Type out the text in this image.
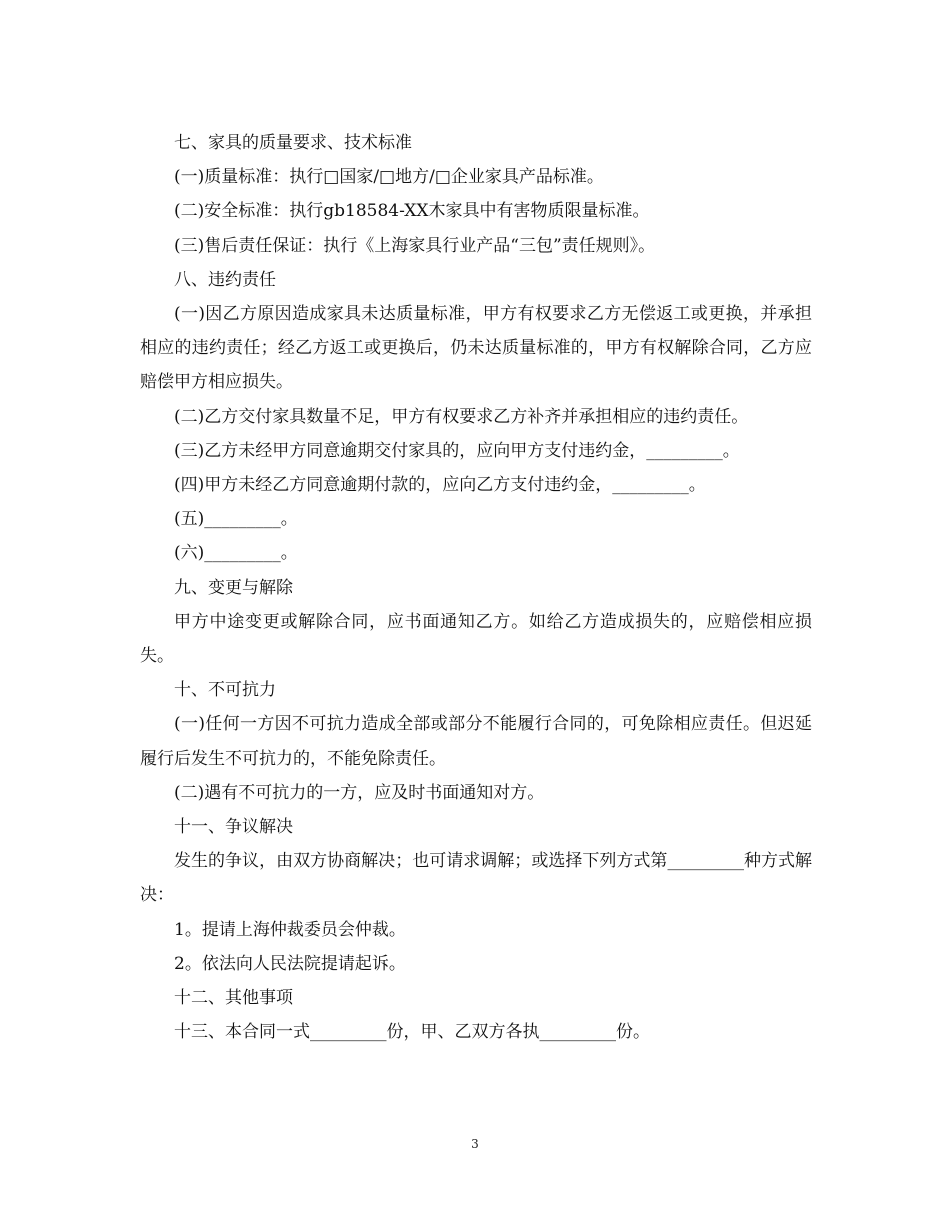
七、家具的质量要求、技术标准

(一)质量标准：执行□国家/□地方/□企业家具产品标准。

(二)安全标准：执行gb18584-XX木家具中有害物质限量标准。

(三)售后责任保证：执行《上海家具行业产品“三包”责任规则》。

八、违约责任

(一)因乙方原因造成家具未达质量标准，甲方有权要求乙方无偿返工或更换，并承担相应的违约责任；经乙方返工或更换后，仍未达质量标准的，甲方有权解除合同，乙方应赔偿甲方相应损失。

(二)乙方交付家具数量不足，甲方有权要求乙方补齐并承担相应的违约责任。

(三)乙方未经甲方同意逾期交付家具的，应向甲方支付违约金，_________。

(四)甲方未经乙方同意逾期付款的，应向乙方支付违约金，_________。

(五)_________。

(六)_________。

九、变更与解除

甲方中途变更或解除合同，应书面通知乙方。如给乙方造成损失的，应赔偿相应损失。

十、不可抗力

(一)任何一方因不可抗力造成全部或部分不能履行合同的，可免除相应责任。但迟延履行后发生不可抗力的，不能免除责任。

(二)遇有不可抗力的一方，应及时书面通知对方。

十一、争议解决

发生的争议，由双方协商解决；也可请求调解；或选择下列方式第_________种方式解决：

1。提请上海仲裁委员会仲裁。

2。依法向人民法院提请起诉。

十二、其他事项

十三、本合同一式_________份，甲、乙双方各执_________份。

3
